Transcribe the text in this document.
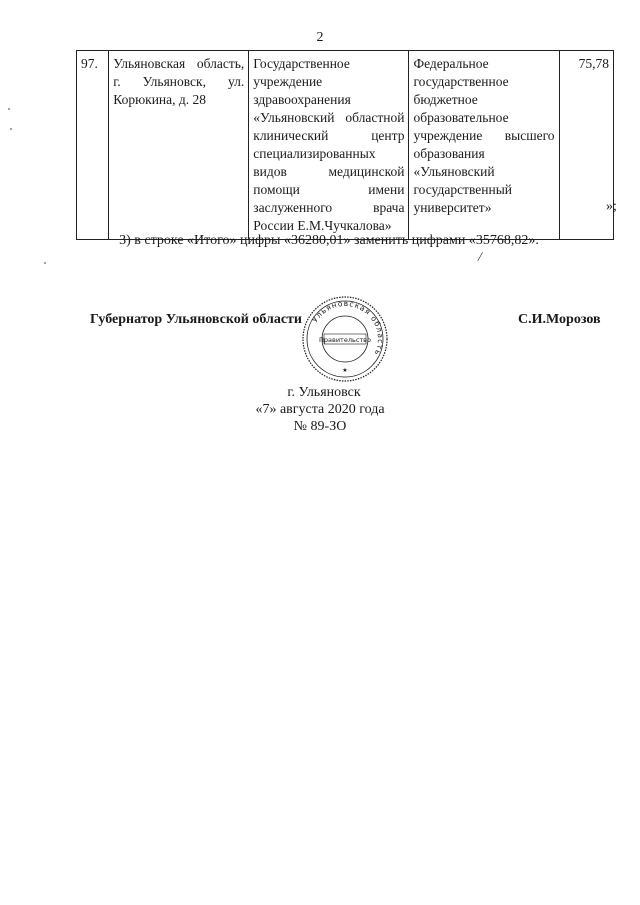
2
97.	Ульяновская область, г. Ульяновск, ул. Корюкина, д. 28	Государственное учреждение здравоохранения «Ульяновский областной клинический центр специализированных видов медицинской помощи имени заслуженного врача России Е.М.Чучкалова»	Федеральное государственное бюджетное образовательное учреждение высшего образования «Ульяновский государственный университет»	75,78
»;
3) в строке «Итого» цифры «36280,01» заменить цифрами «35768,82».
/
Губернатор Ульяновской области	С.И.Морозов
Ульяновская область
Правительство
★
г. Ульяновск
«7» августа 2020 года
№ 89-ЗО
